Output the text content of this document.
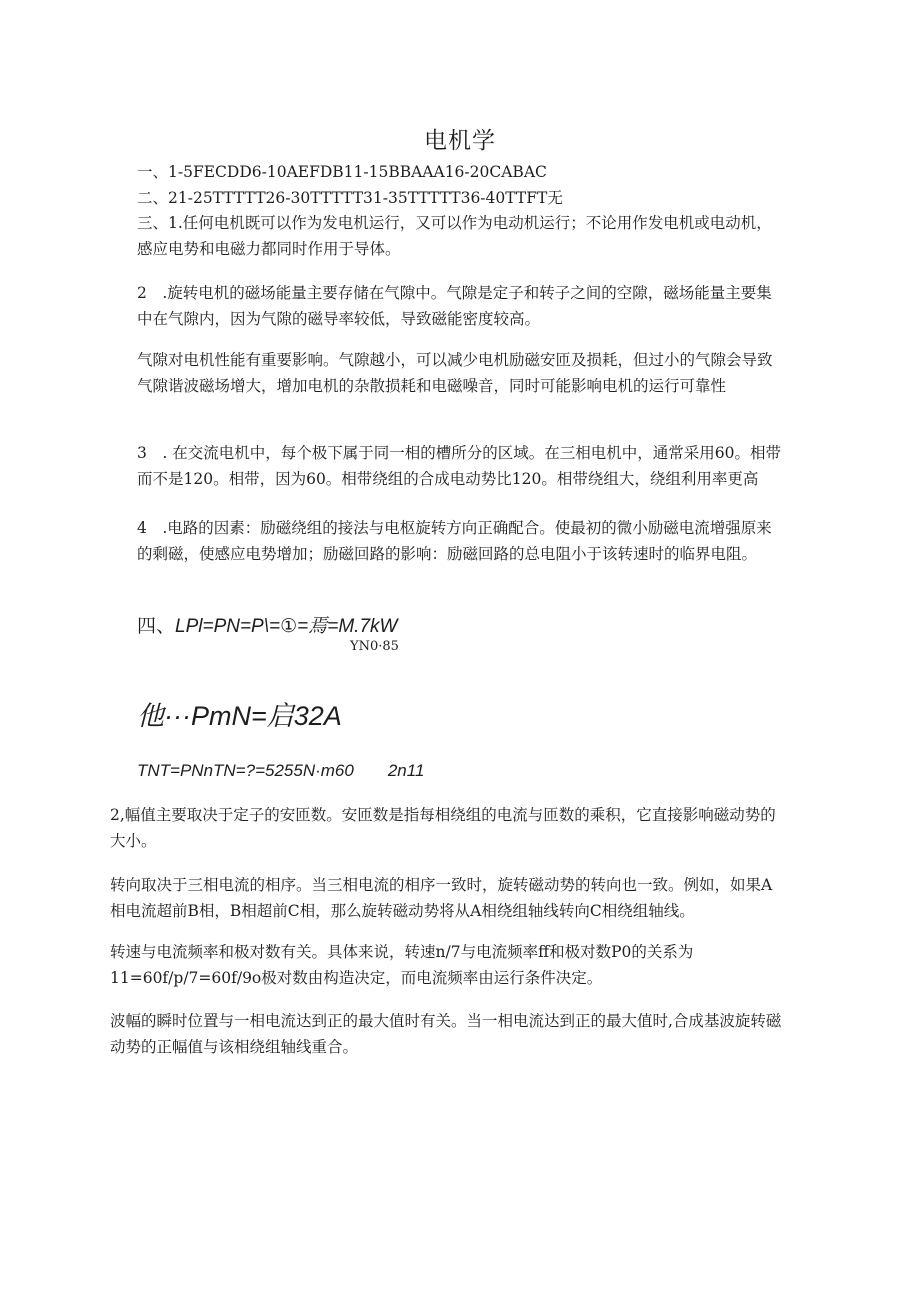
电机学
一、1-5FECDD6-10AEFDB11-15BBAAA16-20CABAC
二、21-25TTTTT26-30TTTTT31-35TTTTT36-40TTFT无
三、1.任何电机既可以作为发电机运行，又可以作为电动机运行；不论用作发电机或电动机，感应电势和电磁力都同时作用于导体。
2　.旋转电机的磁场能量主要存储在气隙中。气隙是定子和转子之间的空隙，磁场能量主要集中在气隙内，因为气隙的磁导率较低，导致磁能密度较高。
气隙对电机性能有重要影响。气隙越小，可以减少电机励磁安匝及损耗，但过小的气隙会导致气隙谐波磁场增大，增加电机的杂散损耗和电磁噪音，同时可能影响电机的运行可靠性
3　. 在交流电机中，每个极下属于同一相的槽所分的区域。在三相电机中，通常采用60。相带而不是120。相带，因为60。相带绕组的合成电动势比120。相带绕组大，绕组利用率更高
4　.电路的因素：励磁绕组的接法与电枢旋转方向正确配合。使最初的微小励磁电流增强原来的剩磁，使感应电势增加；励磁回路的影响：励磁回路的总电阻小于该转速时的临界电阻。
四、LPl=PN=P\=①=焉=M.7kW
YN0·85
他···PmN=启32A
TNT=PNnTN=?=5255N·m60 2n11
2,幅值主要取决于定子的安匝数。安匝数是指每相绕组的电流与匝数的乘积，它直接影响磁动势的大小。
转向取决于三相电流的相序。当三相电流的相序一致时，旋转磁动势的转向也一致。例如，如果A相电流超前B相，B相超前C相，那么旋转磁动势将从A相绕组轴线转向C相绕组轴线。
转速与电流频率和极对数有关。具体来说，转速n/7与电流频率ff和极对数P0的关系为11=60f/p/7=60f/9o极对数由构造决定，而电流频率由运行条件决定。
波幅的瞬时位置与一相电流达到正的最大值时有关。当一相电流达到正的最大值时,合成基波旋转磁动势的正幅值与该相绕组轴线重合。
